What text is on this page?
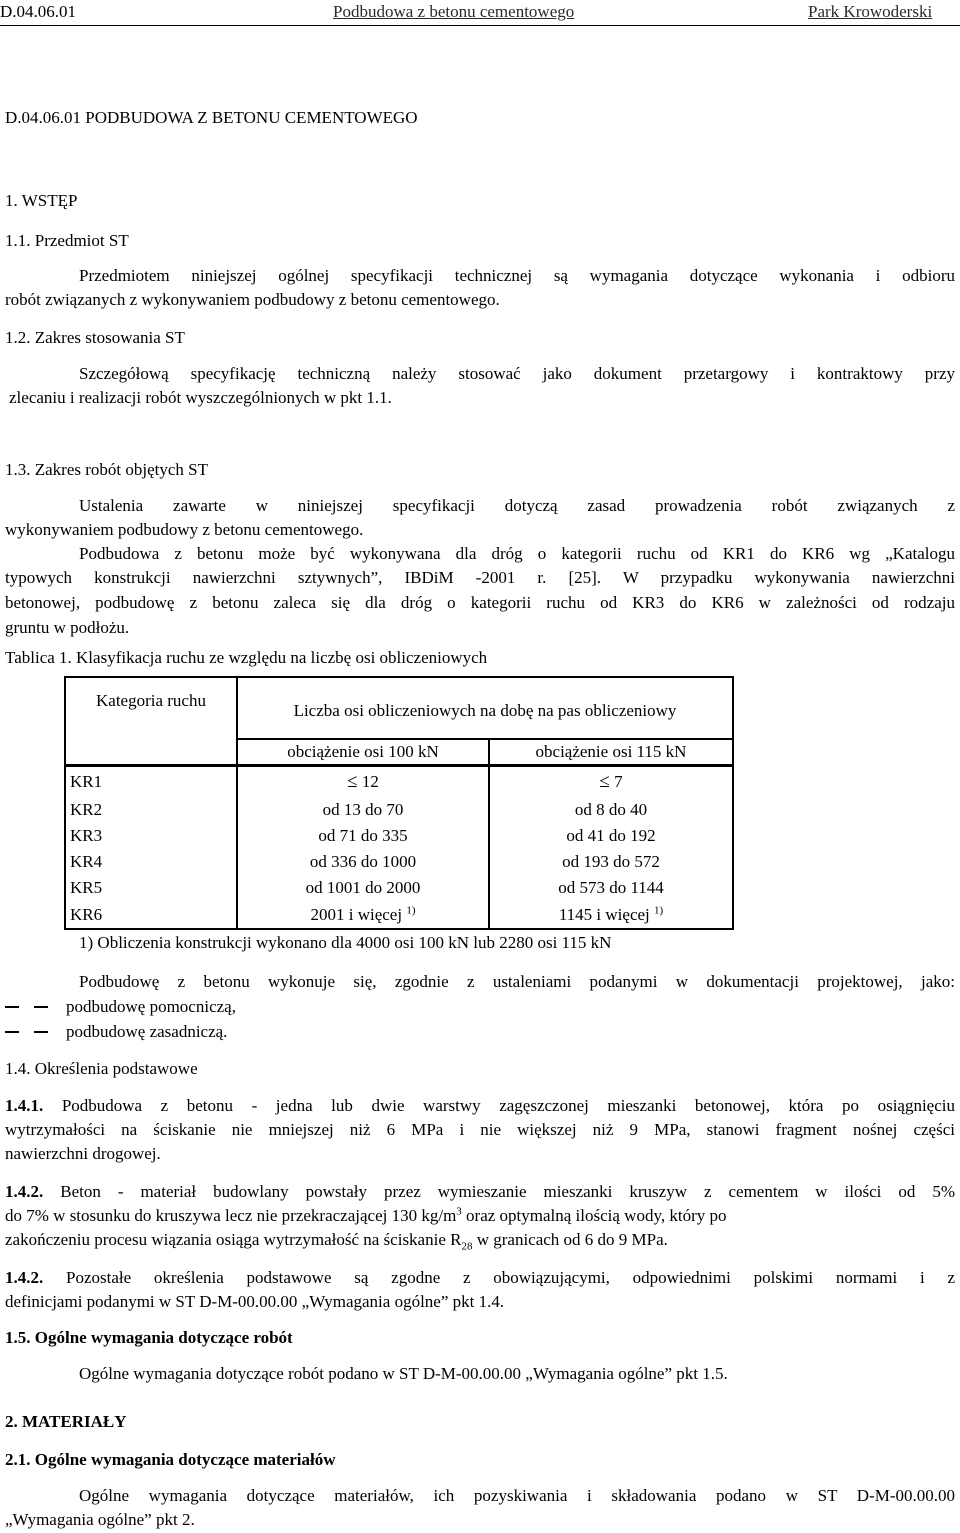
D.04.06.01	Podbudowa z betonu cementowego	Park Krowoderski
D.04.06.01 PODBUDOWA Z BETONU CEMENTOWEGO
1. WSTĘP
1.1. Przedmiot ST
Przedmiotem niniejszej ogólnej specyfikacji technicznej są wymagania dotyczące wykonania i odbioru
robót związanych z wykonywaniem podbudowy z betonu cementowego.
1.2. Zakres stosowania ST
Szczegółową specyfikację techniczną należy stosować jako dokument przetargowy i kontraktowy przy
zlecaniu i realizacji robót wyszczególnionych w pkt 1.1.
1.3. Zakres robót objętych ST
Ustalenia zawarte w niniejszej specyfikacji dotyczą zasad prowadzenia robót związanych z
wykonywaniem podbudowy z betonu cementowego.
Podbudowa z betonu może być wykonywana dla dróg o kategorii ruchu od KR1 do KR6 wg „Katalogu
typowych konstrukcji nawierzchni sztywnych”, IBDiM -2001 r. [25]. W przypadku wykonywania nawierzchni
betonowej, podbudowę z betonu zaleca się dla dróg o kategorii ruchu od KR3 do KR6 w zależności od rodzaju
gruntu w podłożu.
Tablica 1. Klasyfikacja ruchu ze względu na liczbę osi obliczeniowych
Kategoria ruchu	Liczba osi obliczeniowych na dobę na pas obliczeniowy	
	obciążenie osi 100 kN	obciążenie osi 115 kN
KR1	≤ 12	≤ 7
KR2	od 13 do 70	od 8 do 40
KR3	od 71 do 335	od 41 do 192
KR4	od 336 do 1000	od 193 do 572
KR5	od 1001 do 2000	od 573 do 1144
KR6	2001 i więcej $^{1)}$	1145 i więcej $^{1)}$
1) Obliczenia konstrukcji wykonano dla 4000 osi 100 kN lub 2280 osi 115 kN
Podbudowę z betonu wykonuje się, zgodnie z ustaleniami podanymi w dokumentacji projektowej, jako:
podbudowę pomocniczą,
podbudowę zasadniczą.
1.4. Określenia podstawowe
1.4.1. Podbudowa z betonu - jedna lub dwie warstwy zagęszczonej mieszanki betonowej, która po osiągnięciu
wytrzymałości na ściskanie nie mniejszej niż 6 MPa i nie większej niż 9 MPa, stanowi fragment nośnej części
nawierzchni drogowej.
1.4.2. Beton - materiał budowlany powstały przez wymieszanie mieszanki kruszyw z cementem w ilości od 5%
do 7% w stosunku do kruszywa lecz nie przekraczającej 130 $kg/m^3$ oraz optymalną ilością wody, który po
zakończeniu procesu wiązania osiąga wytrzymałość na ściskanie $R_{28}$ w granicach od 6 do 9 MPa.
1.4.2. Pozostałe określenia podstawowe są zgodne z obowiązującymi, odpowiednimi polskimi normami i z
definicjami podanymi w ST D-M-00.00.00 „Wymagania ogólne” pkt 1.4.
1.5. Ogólne wymagania dotyczące robót
Ogólne wymagania dotyczące robót podano w ST D-M-00.00.00 „Wymagania ogólne” pkt 1.5.
2. MATERIAŁY
2.1. Ogólne wymagania dotyczące materiałów
Ogólne wymagania dotyczące materiałów, ich pozyskiwania i składowania podano w ST D-M-00.00.00
„Wymagania ogólne” pkt 2.
